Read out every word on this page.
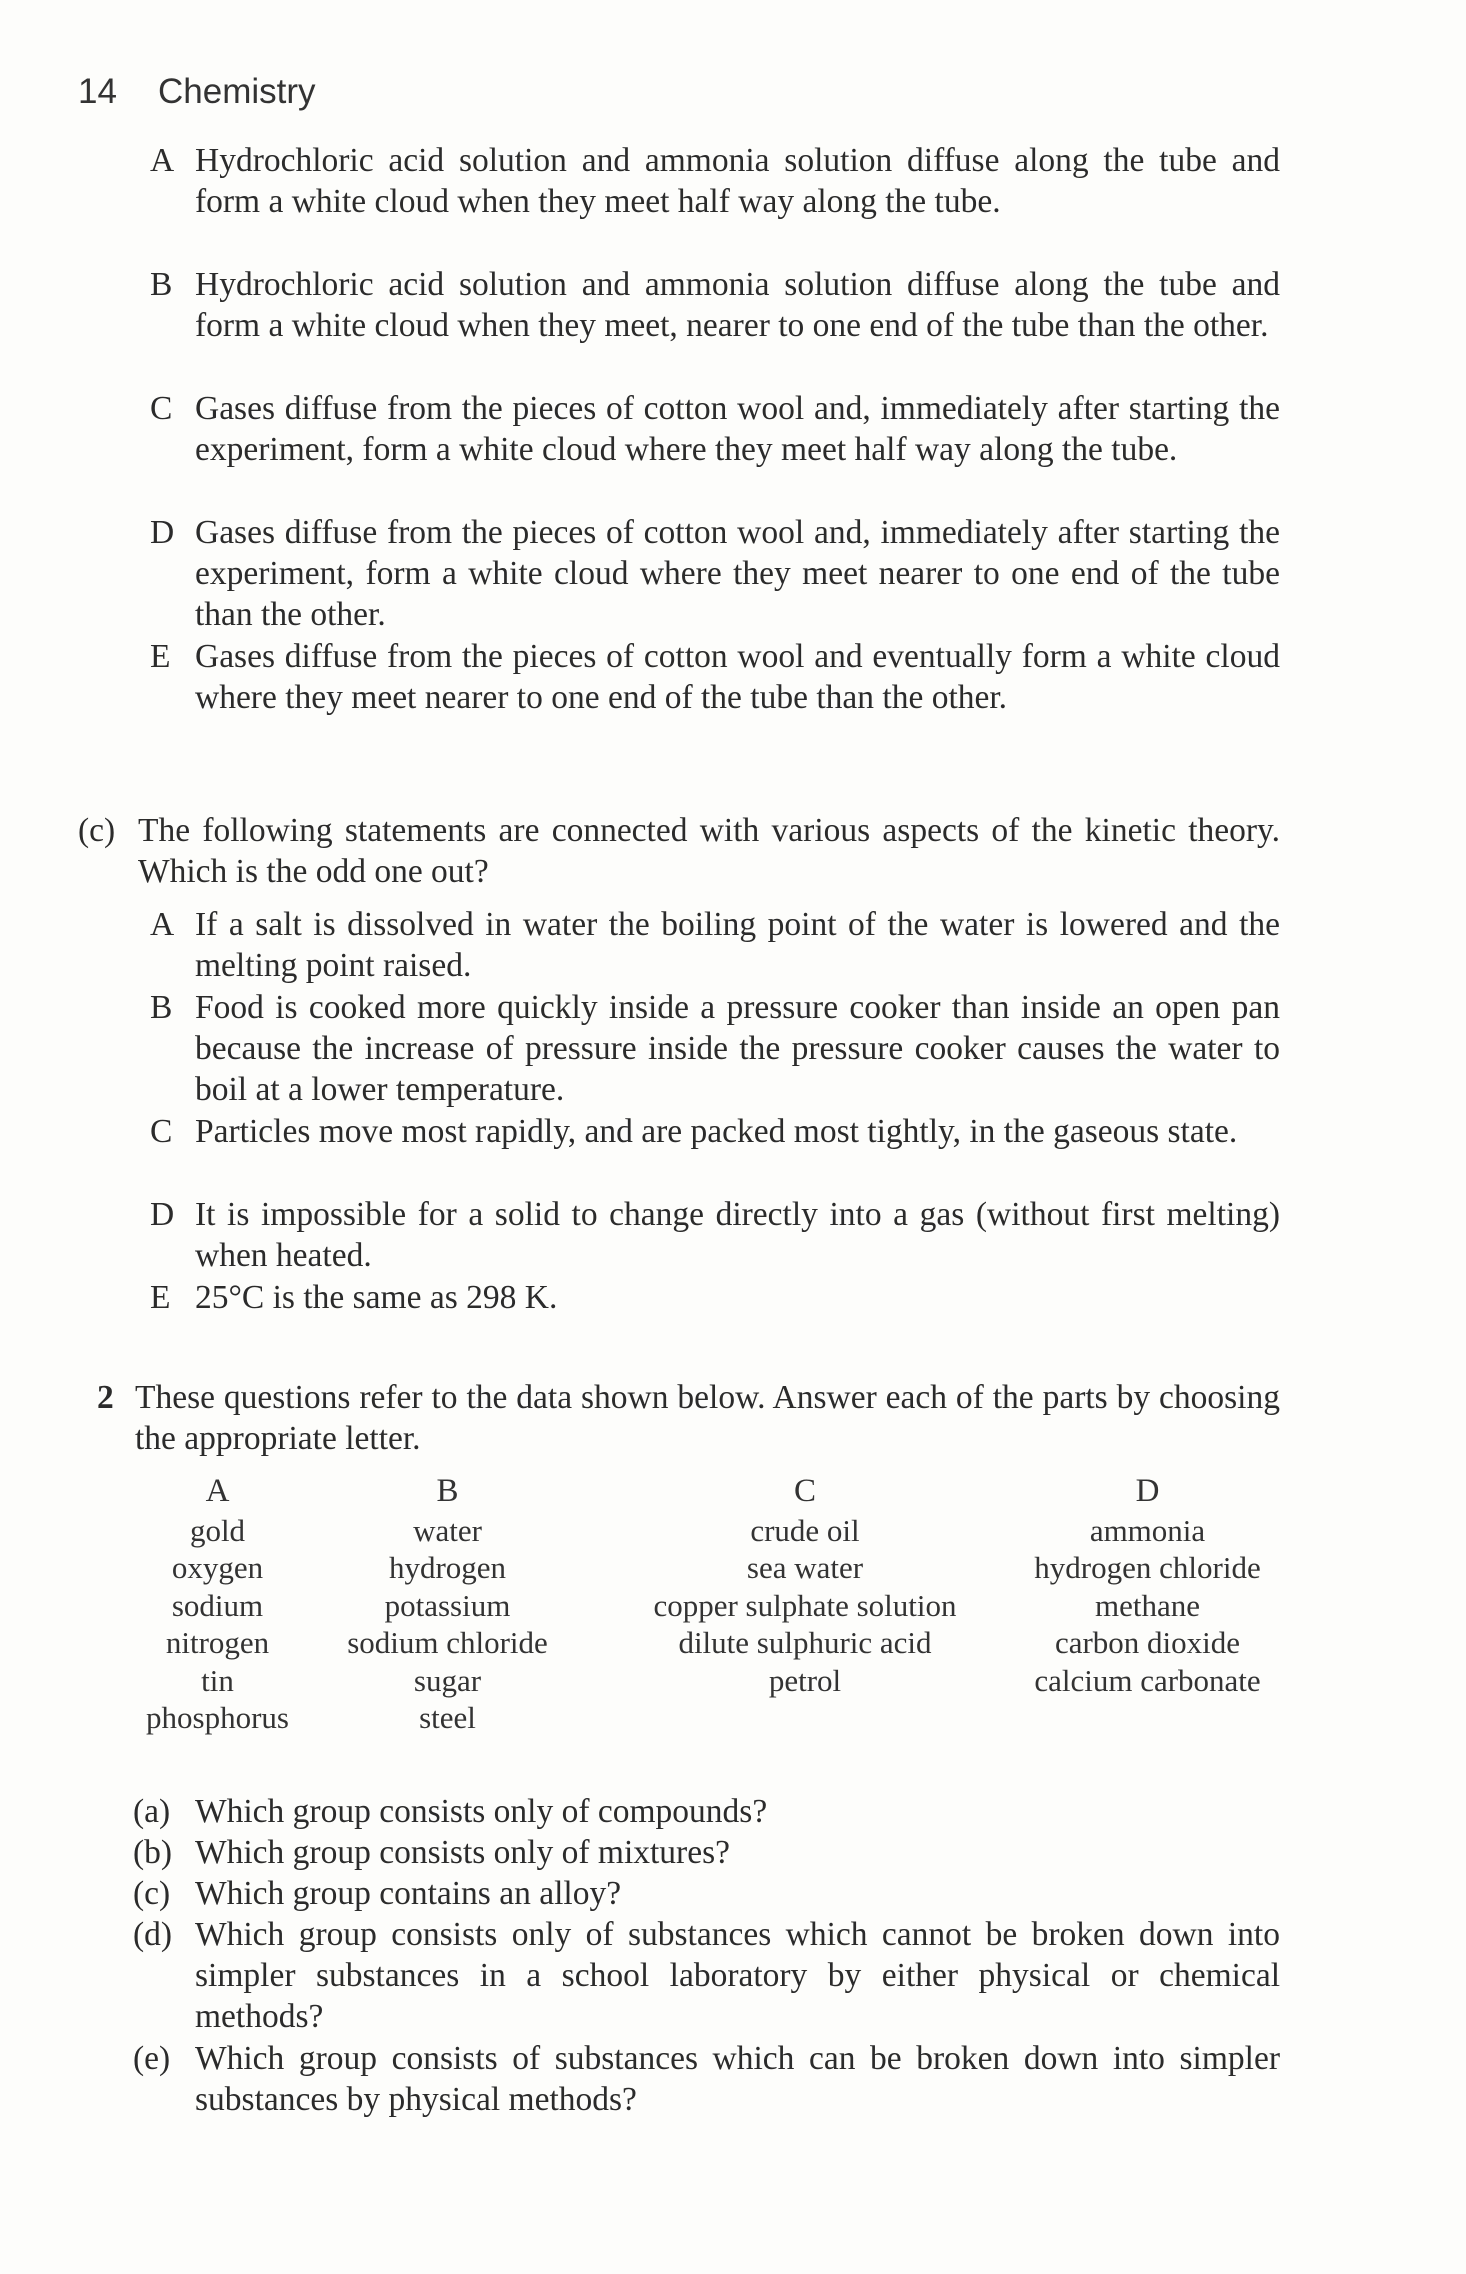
14 Chemistry
A Hydrochloric acid solution and ammonia solution diffuse along the tube and form a white cloud when they meet half way along the tube.
B Hydrochloric acid solution and ammonia solution diffuse along the tube and form a white cloud when they meet, nearer to one end of the tube than the other.
C Gases diffuse from the pieces of cotton wool and, immediately after starting the experiment, form a white cloud where they meet half way along the tube.
D Gases diffuse from the pieces of cotton wool and, immediately after starting the experiment, form a white cloud where they meet nearer to one end of the tube than the other.
E Gases diffuse from the pieces of cotton wool and eventually form a white cloud where they meet nearer to one end of the tube than the other.
(c) The following statements are connected with various aspects of the kinetic theory. Which is the odd one out?
A If a salt is dissolved in water the boiling point of the water is lowered and the melting point raised.
B Food is cooked more quickly inside a pressure cooker than inside an open pan because the increase of pressure inside the pressure cooker causes the water to boil at a lower temperature.
C Particles move most rapidly, and are packed most tightly, in the gaseous state.
D It is impossible for a solid to change directly into a gas (without first melting) when heated.
E 25°C is the same as 298 K.
2 These questions refer to the data shown below. Answer each of the parts by choosing the appropriate letter.
A
gold
oxygen
sodium
nitrogen
tin
phosphorus
B
water
hydrogen
potassium
sodium chloride
sugar
steel
C
crude oil
sea water
copper sulphate solution
dilute sulphuric acid
petrol
D
ammonia
hydrogen chloride
methane
carbon dioxide
calcium carbonate
(a) Which group consists only of compounds?
(b) Which group consists only of mixtures?
(c) Which group contains an alloy?
(d) Which group consists only of substances which cannot be broken down into simpler substances in a school laboratory by either physical or chemical methods?
(e) Which group consists of substances which can be broken down into simpler substances by physical methods?
